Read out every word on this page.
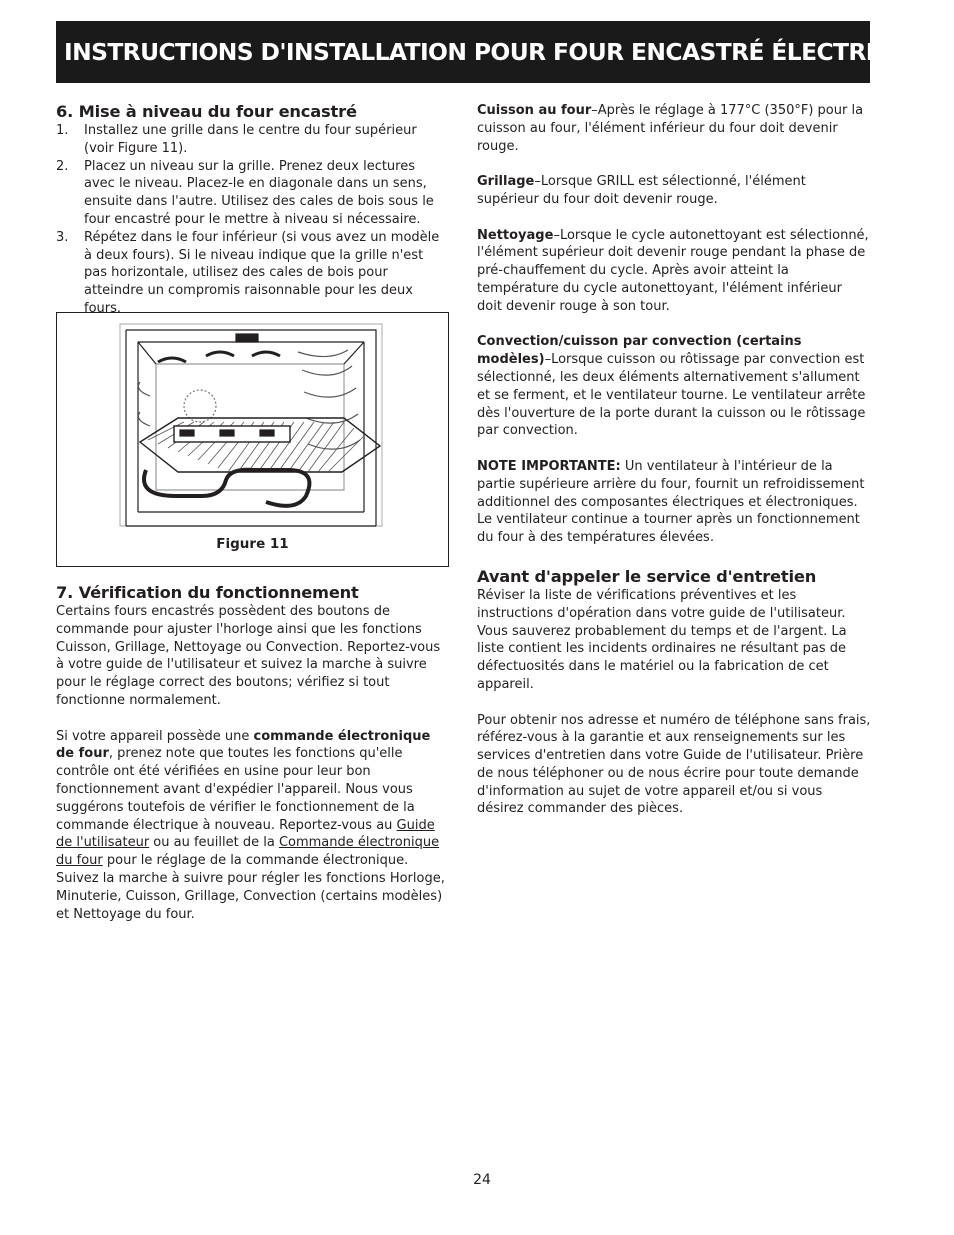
INSTRUCTIONS D'INSTALLATION POUR FOUR ENCASTRÉ ÉLECTRIQUE
6. Mise à niveau du four encastré
1. Installez une grille dans le centre du four supérieur (voir Figure 11).
2. Placez un niveau sur la grille. Prenez deux lectures avec le niveau. Placez-le en diagonale dans un sens, ensuite dans l'autre. Utilisez des cales de bois sous le four encastré pour le mettre à niveau si nécessaire.
3. Répétez dans le four inférieur (si vous avez un modèle à deux fours). Si le niveau indique que la grille n'est pas horizontale, utilisez des cales de bois pour atteindre un compromis raisonnable pour les deux fours.
Figure 11
7. Vérification du fonctionnement

Certains fours encastrés possèdent des boutons de commande pour ajuster l'horloge ainsi que les fonctions Cuisson, Grillage, Nettoyage ou Convection. Reportez-vous à votre guide de l'utilisateur et suivez la marche à suivre pour le réglage correct des boutons; vérifiez si tout fonctionne normalement.

Si votre appareil possède une commande électronique de four, prenez note que toutes les fonctions qu'elle contrôle ont été vérifiées en usine pour leur bon fonctionnement avant d'expédier l'appareil. Nous vous suggérons toutefois de vérifier le fonctionnement de la commande électrique à nouveau. Reportez-vous au Guide de l'utilisateur ou au feuillet de la Commande électronique du four pour le réglage de la commande électronique. Suivez la marche à suivre pour régler les fonctions Horloge, Minuterie, Cuisson, Grillage, Convection (certains modèles) et Nettoyage du four.

Cuisson au four–Après le réglage à 177°C (350°F) pour la cuisson au four, l'élément inférieur du four doit devenir rouge.

Grillage–Lorsque GRILL est sélectionné, l'élément supérieur du four doit devenir rouge.

Nettoyage–Lorsque le cycle autonettoyant est sélectionné, l'élément supérieur doit devenir rouge pendant la phase de pré-chauffement du cycle. Après avoir atteint la température du cycle autonettoyant, l'élément inférieur doit devenir rouge à son tour.

Convection/cuisson par convection (certains modèles)–Lorsque cuisson ou rôtissage par convection est sélectionné, les deux éléments alternativement s'allument et se ferment, et le ventilateur tourne. Le ventilateur arrête dès l'ouverture de la porte durant la cuisson ou le rôtissage par convection.

NOTE IMPORTANTE: Un ventilateur à l'intérieur de la partie supérieure arrière du four, fournit un refroidissement additionnel des composantes électriques et électroniques. Le ventilateur continue a tourner après un fonctionnement du four à des températures élevées.

Avant d'appeler le service d'entretien

Réviser la liste de vérifications préventives et les instructions d'opération dans votre guide de l'utilisateur. Vous sauverez probablement du temps et de l'argent. La liste contient les incidents ordinaires ne résultant pas de défectuosités dans le matériel ou la fabrication de cet appareil.

Pour obtenir nos adresse et numéro de téléphone sans frais, référez-vous à la garantie et aux renseignements sur les services d'entretien dans votre Guide de l'utilisateur. Prière de nous téléphoner ou de nous écrire pour toute demande d'information au sujet de votre appareil et/ou si vous désirez commander des pièces.

24
